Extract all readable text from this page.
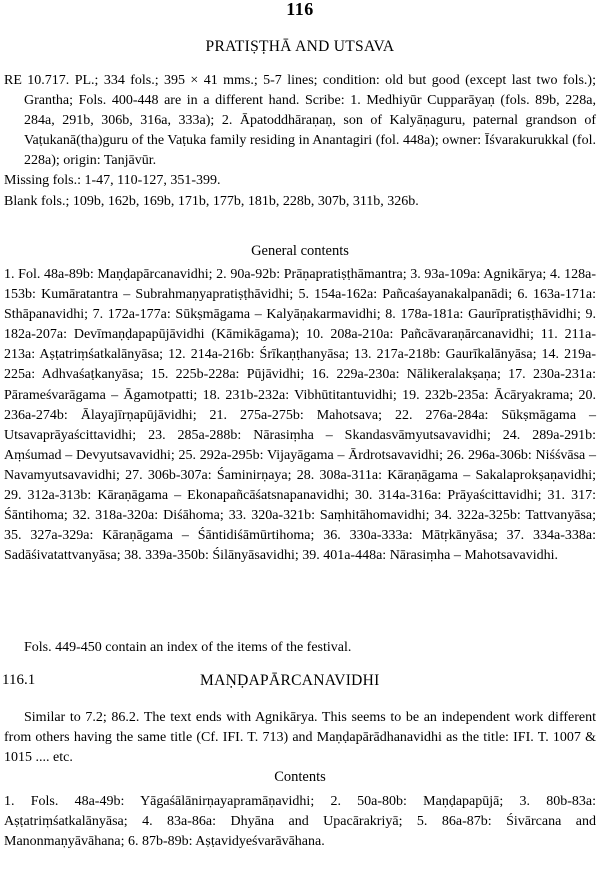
116
PRATIṢṬHĀ AND UTSAVA

RE 10.717. PL.; 334 fols.; 395 × 41 mms.; 5-7 lines; condition: old but good (except last two fols.); Grantha; Fols. 400-448 are in a different hand. Scribe: 1. Medhiyūr Cupparāyaṇ (fols. 89b, 228a, 284a, 291b, 306b, 316a, 333a); 2. Āpatoddhāraṇaṇ, son of Kalyāṇaguru, paternal grandson of Vaṭukanā(tha)guru of the Vaṭuka family residing in Anantagiri (fol. 448a); owner: Īśvarakurukkal (fol. 228a); origin: Tanjāvūr.

Missing fols.: 1-47, 110-127, 351-399.

Blank fols.; 109b, 162b, 169b, 171b, 177b, 181b, 228b, 307b, 311b, 326b.

General contents

1. Fol. 48a-89b: Maṇḍapārcanavidhi; 2. 90a-92b: Prāṇapratiṣṭhāmantra; 3. 93a-109a: Agnikārya; 4. 128a-153b: Kumāratantra – Subrahmaṇyapratiṣṭhāvidhi; 5. 154a-162a: Pañcaśayanakalpanādi; 6. 163a-171a: Sthāpanavidhi; 7. 172a-177a: Sūkṣmāgama – Kalyāṇakarmavidhi; 8. 178a-181a: Gaurīpratiṣṭhāvidhi; 9. 182a-207a: Devīmaṇḍapapūjāvidhi (Kāmikāgama); 10. 208a-210a: Pañcāvaraṇārcanavidhi; 11. 211a-213a: Aṣṭatriṃśatkalānyāsa; 12. 214a-216b: Śrīkaṇṭhanyāsa; 13. 217a-218b: Gaurīkalānyāsa; 14. 219a-225a: Adhvaśaṭkanyāsa; 15. 225b-228a: Pūjāvidhi; 16. 229a-230a: Nālikeralakṣaṇa; 17. 230a-231a: Pārameśvarāgama – Āgamotpatti; 18. 231b-232a: Vibhūtitantuvidhi; 19. 232b-235a: Ācāryakrama; 20. 236a-274b: Ālayajīrṇapūjāvidhi; 21. 275a-275b: Mahotsava; 22. 276a-284a: Sūkṣmāgama – Utsavaprāyaścittavidhi; 23. 285a-288b: Nārasiṃha – Skandasvāmyutsavavidhi; 24. 289a-291b: Aṃśumad – Devyutsavavidhi; 25. 292a-295b: Vijayāgama – Ārdrotsavavidhi; 26. 296a-306b: Niśśvāsa – Navamyutsavavidhi; 27. 306b-307a: Śaminirṇaya; 28. 308a-311a: Kāraṇāgama – Sakalaprokṣaṇavidhi; 29. 312a-313b: Kāraṇāgama – Ekonapañcāśatsnapanavidhi; 30. 314a-316a: Prāyaścittavidhi; 31. 317: Śāntihoma; 32. 318a-320a: Diśāhoma; 33. 320a-321b: Saṃhitāhomavidhi; 34. 322a-325b: Tattvanyāsa; 35. 327a-329a: Kāraṇāgama – Śāntidiśāmūrtihoma; 36. 330a-333a: Mātṛkānyāsa; 37. 334a-338a: Sadāśivatattvanyāsa; 38. 339a-350b: Śilānyāsavidhi; 39. 401a-448a: Nārasiṃha – Mahotsavavidhi.

Fols. 449-450 contain an index of the items of the festival.

116.1	MAṆḌAPĀRCANAVIDHI

Similar to 7.2; 86.2. The text ends with Agnikārya. This seems to be an independent work different from others having the same title (Cf. IFI. T. 713) and Maṇḍapārādhanavidhi as the title: IFI. T. 1007 & 1015 .... etc.

Contents

1. Fols. 48a-49b: Yāgaśālānirṇayapramāṇavidhi; 2. 50a-80b: Maṇḍapapūjā; 3. 80b-83a: Aṣṭatriṃśatkalānyāsa; 4. 83a-86a: Dhyāna and Upacārakriyā; 5. 86a-87b: Śivārcana and Manonmaṇyāvāhana; 6. 87b-89b: Aṣṭavidyeśvarāvāhana.
